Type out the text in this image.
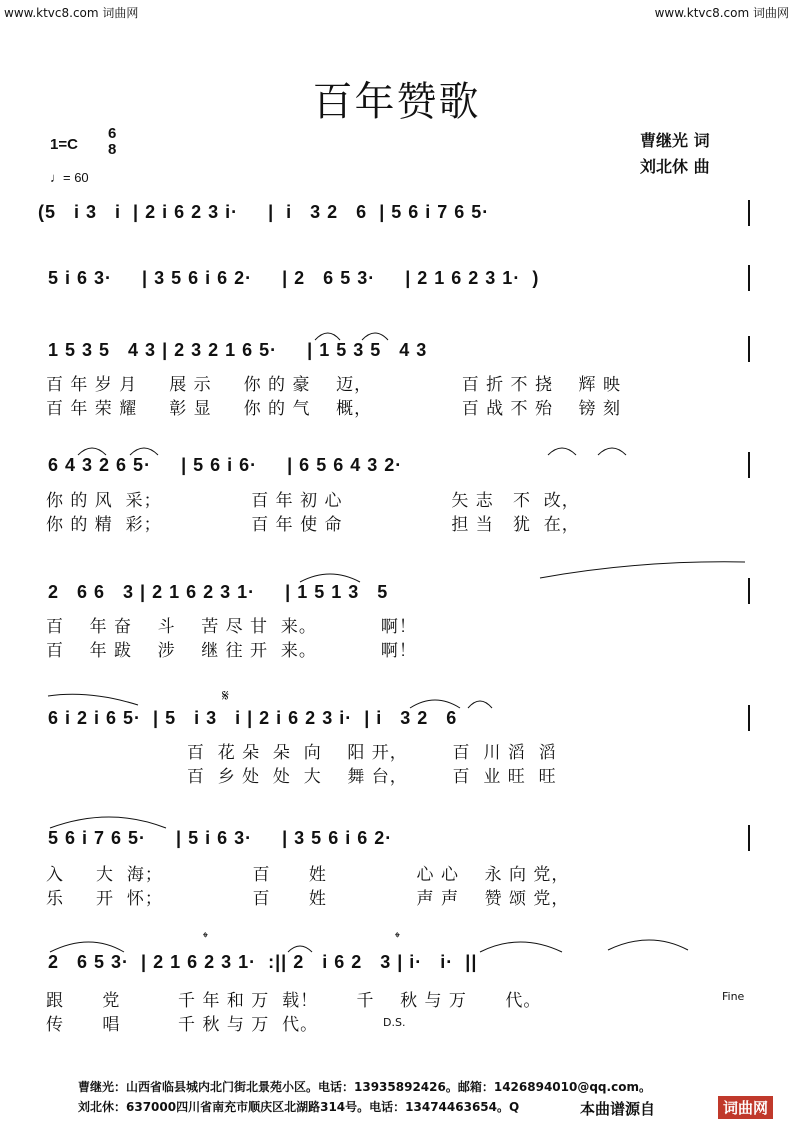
www.ktvc8.com 词曲网	www.ktvc8.com 词曲网
百年赞歌
1=C
6
8
♩= 60
曹继光 词
刘北休 曲
(5   i 3   i  | 2 i 6 2 3 i·     |  i   3 2   6  | 5 6 i 7 6 5·
5 i 6 3·     | 3 5 6 i 6 2·     | 2   6 5 3·     | 2 1 6 2 3 1·  )
1 5 3 5   4 3 | 2 3 2 1 6 5·     | 1 5 3 5   4 3
百 年 岁 月     展 示     你 的 豪    迈，              百 折 不 挠    辉 映
百 年 荣 耀     彰 显     你 的 气    概，              百 战 不 殆    镑 刻
6 4 3 2 6 5·     | 5 6 i 6·     | 6 5 6 4 3 2·
你 的 风  采；              百 年 初 心                 矢 志   不  改，
你 的 精  彩；              百 年 使 命                 担 当   犹  在，
2   6 6   3 | 2 1 6 2 3 1·     | 1 5 1 3   5
百    年 奋    斗    苦 尽 甘  来。          啊！
百    年 跋    涉    继 往 开  来。          啊！
𝄋
6 i 2 i 6 5·  | 5   i 3   i | 2 i 6 2 3 i·  | i   3 2   6
百  花 朵  朵  向    阳 开，       百  川 滔  滔
百  乡 处  处  大    舞 台，       百  业 旺  旺
5 6 i 7 6 5·     | 5 i 6 3·     | 3 5 6 i 6 2·
入     大  海；              百      姓              心 心    永 向 党，
乐     开  怀；              百      姓              声 声    赞 颂 党，
𝄌	𝄌
2   6 5 3·  | 2 1 6 2 3 1·  :|| 2   i 6 2   3 | i·   i·  ||
跟      党         千 年 和 万  载！      千    秋 与 万      代。
传      唱         千 秋 与 万  代。
Fine
D.S.
曹继光：山西省临县城内北门街北景苑小区。电话：13935892426。邮箱：1426894010@qq.com。
刘北休：637000四川省南充市顺庆区北湖路314号。电话：13474463654。Q	本曲谱源自	词曲网
